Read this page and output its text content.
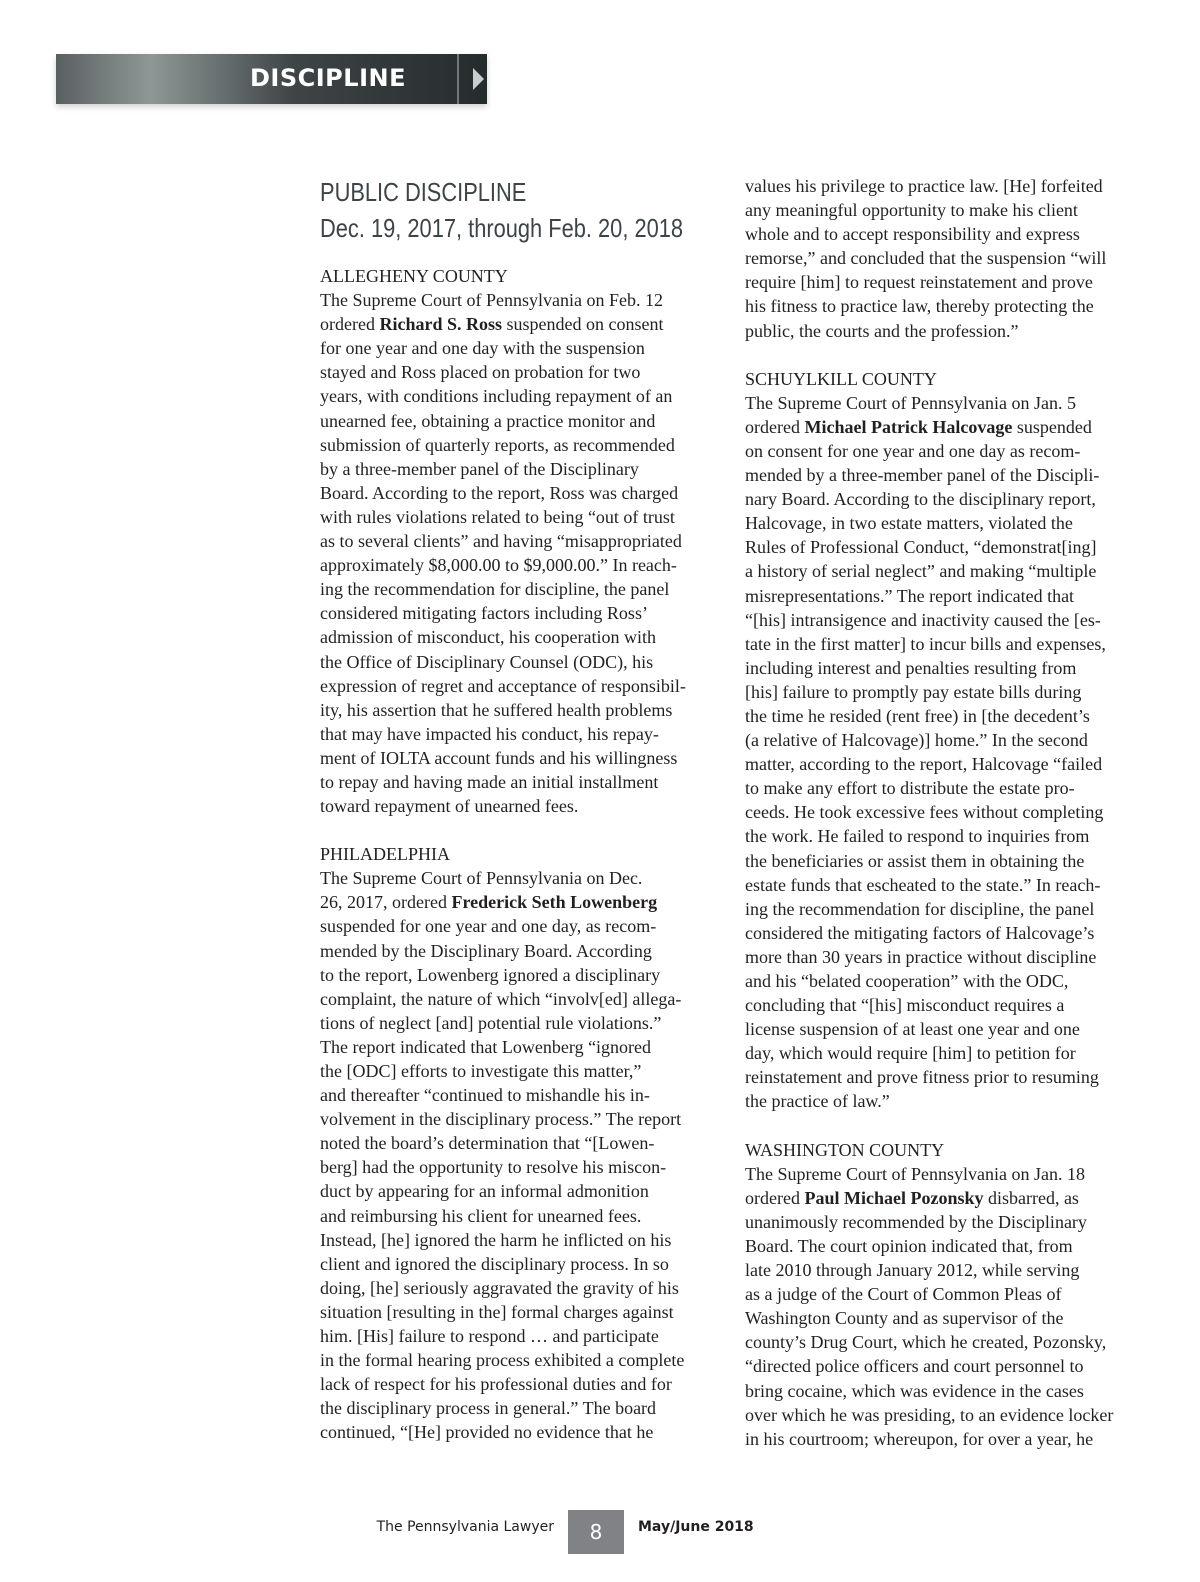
DISCIPLINE
PUBLIC DISCIPLINE
Dec. 19, 2017, through Feb. 20, 2018
ALLEGHENY COUNTY
The Supreme Court of Pennsylvania on Feb. 12
ordered Richard S. Ross suspended on consent
for one year and one day with the suspension
stayed and Ross placed on probation for two
years, with conditions including repayment of an
unearned fee, obtaining a practice monitor and
submission of quarterly reports, as recommended
by a three-member panel of the Disciplinary
Board. According to the report, Ross was charged
with rules violations related to being “out of trust
as to several clients” and having “misappropriated
approximately $8,000.00 to $9,000.00.” In reach-
ing the recommendation for discipline, the panel
considered mitigating factors including Ross’
admission of misconduct, his cooperation with
the Office of Disciplinary Counsel (ODC), his
expression of regret and acceptance of responsibil-
ity, his assertion that he suffered health problems
that may have impacted his conduct, his repay-
ment of IOLTA account funds and his willingness
to repay and having made an initial installment
toward repayment of unearned fees.
PHILADELPHIA
The Supreme Court of Pennsylvania on Dec.
26, 2017, ordered Frederick Seth Lowenberg
suspended for one year and one day, as recom-
mended by the Disciplinary Board. According
to the report, Lowenberg ignored a disciplinary
complaint, the nature of which “involv[ed] allega-
tions of neglect [and] potential rule violations.”
The report indicated that Lowenberg “ignored
the [ODC] efforts to investigate this matter,”
and thereafter “continued to mishandle his in-
volvement in the disciplinary process.” The report
noted the board’s determination that “[Lowen-
berg] had the opportunity to resolve his miscon-
duct by appearing for an informal admonition
and reimbursing his client for unearned fees.
Instead, [he] ignored the harm he inflicted on his
client and ignored the disciplinary process. In so
doing, [he] seriously aggravated the gravity of his
situation [resulting in the] formal charges against
him. [His] failure to respond … and participate
in the formal hearing process exhibited a complete
lack of respect for his professional duties and for
the disciplinary process in general.” The board
continued, “[He] provided no evidence that he
values his privilege to practice law. [He] forfeited
any meaningful opportunity to make his client
whole and to accept responsibility and express
remorse,” and concluded that the suspension “will
require [him] to request reinstatement and prove
his fitness to practice law, thereby protecting the
public, the courts and the profession.”
SCHUYLKILL COUNTY
The Supreme Court of Pennsylvania on Jan. 5
ordered Michael Patrick Halcovage suspended
on consent for one year and one day as recom-
mended by a three-member panel of the Discipli-
nary Board. According to the disciplinary report,
Halcovage, in two estate matters, violated the
Rules of Professional Conduct, “demonstrat[ing]
a history of serial neglect” and making “multiple
misrepresentations.” The report indicated that
“[his] intransigence and inactivity caused the [es-
tate in the first matter] to incur bills and expenses,
including interest and penalties resulting from
[his] failure to promptly pay estate bills during
the time he resided (rent free) in [the decedent’s
(a relative of Halcovage)] home.” In the second
matter, according to the report, Halcovage “failed
to make any effort to distribute the estate pro-
ceeds. He took excessive fees without completing
the work. He failed to respond to inquiries from
the beneficiaries or assist them in obtaining the
estate funds that escheated to the state.” In reach-
ing the recommendation for discipline, the panel
considered the mitigating factors of Halcovage’s
more than 30 years in practice without discipline
and his “belated cooperation” with the ODC,
concluding that “[his] misconduct requires a
license suspension of at least one year and one
day, which would require [him] to petition for
reinstatement and prove fitness prior to resuming
the practice of law.”
WASHINGTON COUNTY
The Supreme Court of Pennsylvania on Jan. 18
ordered Paul Michael Pozonsky disbarred, as
unanimously recommended by the Disciplinary
Board. The court opinion indicated that, from
late 2010 through January 2012, while serving
as a judge of the Court of Common Pleas of
Washington County and as supervisor of the
county’s Drug Court, which he created, Pozonsky,
“directed police officers and court personnel to
bring cocaine, which was evidence in the cases
over which he was presiding, to an evidence locker
in his courtroom; whereupon, for over a year, he
The Pennsylvania Lawyer 8	May/June 2018
